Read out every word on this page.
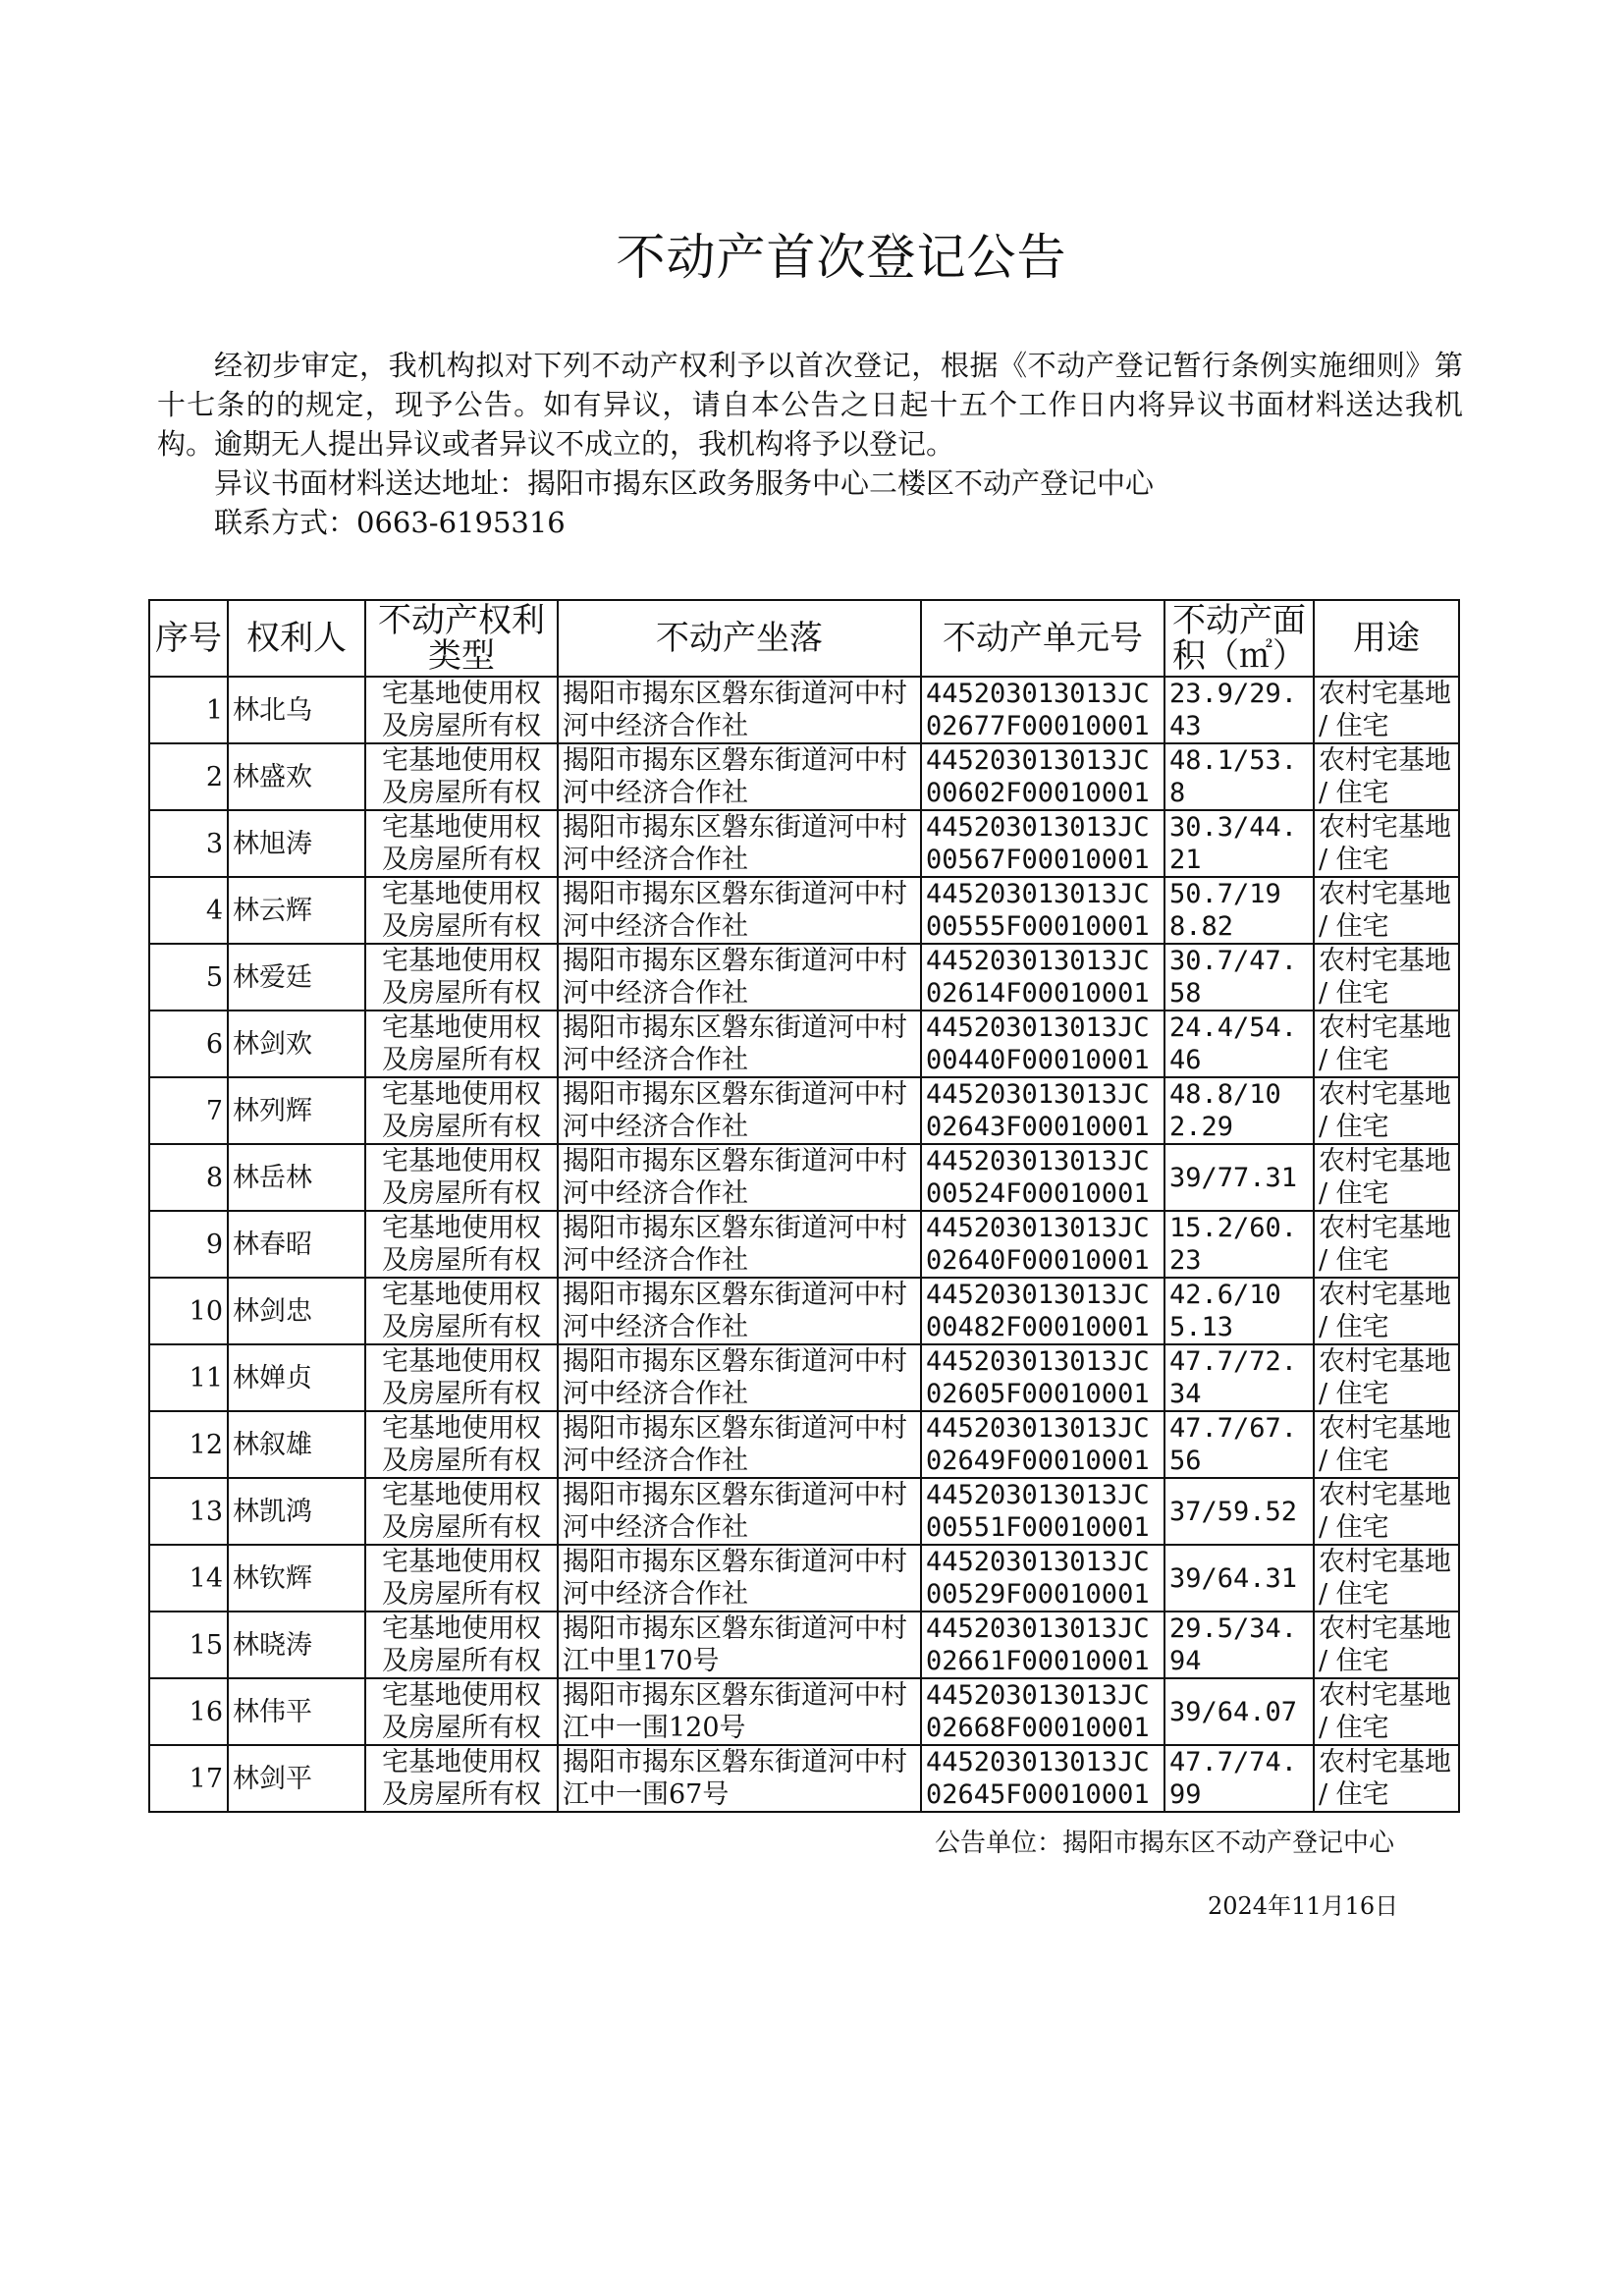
不动产首次登记公告

经初步审定，我机构拟对下列不动产权利予以首次登记，根据《不动产登记暂行条例实施细则》第十七条的的规定，现予公告。如有异议，请自本公告之日起十五个工作日内将异议书面材料送达我机构。逾期无人提出异议或者异议不成立的，我机构将予以登记。

异议书面材料送达地址：揭阳市揭东区政务服务中心二楼区不动产登记中心

联系方式：0663-6195316

序号	权利人	不动产权利类型	不动产坐落	不动产单元号	不动产面积（㎡）	用途
1	林北乌	宅基地使用权及房屋所有权	揭阳市揭东区磐东街道河中村河中经济合作社	445203013013JC02677F00010001	23.9/29.43	农村宅基地 / 住宅
2	林盛欢	宅基地使用权及房屋所有权	揭阳市揭东区磐东街道河中村河中经济合作社	445203013013JC00602F00010001	48.1/53.8	农村宅基地 / 住宅
3	林旭涛	宅基地使用权及房屋所有权	揭阳市揭东区磐东街道河中村河中经济合作社	445203013013JC00567F00010001	30.3/44.21	农村宅基地 / 住宅
4	林云辉	宅基地使用权及房屋所有权	揭阳市揭东区磐东街道河中村河中经济合作社	445203013013JC00555F00010001	50.7/198.82	农村宅基地 / 住宅
5	林爱廷	宅基地使用权及房屋所有权	揭阳市揭东区磐东街道河中村河中经济合作社	445203013013JC02614F00010001	30.7/47.58	农村宅基地 / 住宅
6	林剑欢	宅基地使用权及房屋所有权	揭阳市揭东区磐东街道河中村河中经济合作社	445203013013JC00440F00010001	24.4/54.46	农村宅基地 / 住宅
7	林列辉	宅基地使用权及房屋所有权	揭阳市揭东区磐东街道河中村河中经济合作社	445203013013JC02643F00010001	48.8/102.29	农村宅基地 / 住宅
8	林岳林	宅基地使用权及房屋所有权	揭阳市揭东区磐东街道河中村河中经济合作社	445203013013JC00524F00010001	39/77.31	农村宅基地 / 住宅
9	林春昭	宅基地使用权及房屋所有权	揭阳市揭东区磐东街道河中村河中经济合作社	445203013013JC02640F00010001	15.2/60.23	农村宅基地 / 住宅
10	林剑忠	宅基地使用权及房屋所有权	揭阳市揭东区磐东街道河中村河中经济合作社	445203013013JC00482F00010001	42.6/105.13	农村宅基地 / 住宅
11	林婵贞	宅基地使用权及房屋所有权	揭阳市揭东区磐东街道河中村河中经济合作社	445203013013JC02605F00010001	47.7/72.34	农村宅基地 / 住宅
12	林叙雄	宅基地使用权及房屋所有权	揭阳市揭东区磐东街道河中村河中经济合作社	445203013013JC02649F00010001	47.7/67.56	农村宅基地 / 住宅
13	林凯鸿	宅基地使用权及房屋所有权	揭阳市揭东区磐东街道河中村河中经济合作社	445203013013JC00551F00010001	37/59.52	农村宅基地 / 住宅
14	林钦辉	宅基地使用权及房屋所有权	揭阳市揭东区磐东街道河中村河中经济合作社	445203013013JC00529F00010001	39/64.31	农村宅基地 / 住宅
15	林晓涛	宅基地使用权及房屋所有权	揭阳市揭东区磐东街道河中村江中里170号	445203013013JC02661F00010001	29.5/34.94	农村宅基地 / 住宅
16	林伟平	宅基地使用权及房屋所有权	揭阳市揭东区磐东街道河中村江中一围120号	445203013013JC02668F00010001	39/64.07	农村宅基地 / 住宅
17	林剑平	宅基地使用权及房屋所有权	揭阳市揭东区磐东街道河中村江中一围67号	445203013013JC02645F00010001	47.7/74.99	农村宅基地 / 住宅
公告单位：揭阳市揭东区不动产登记中心
2024年11月16日
